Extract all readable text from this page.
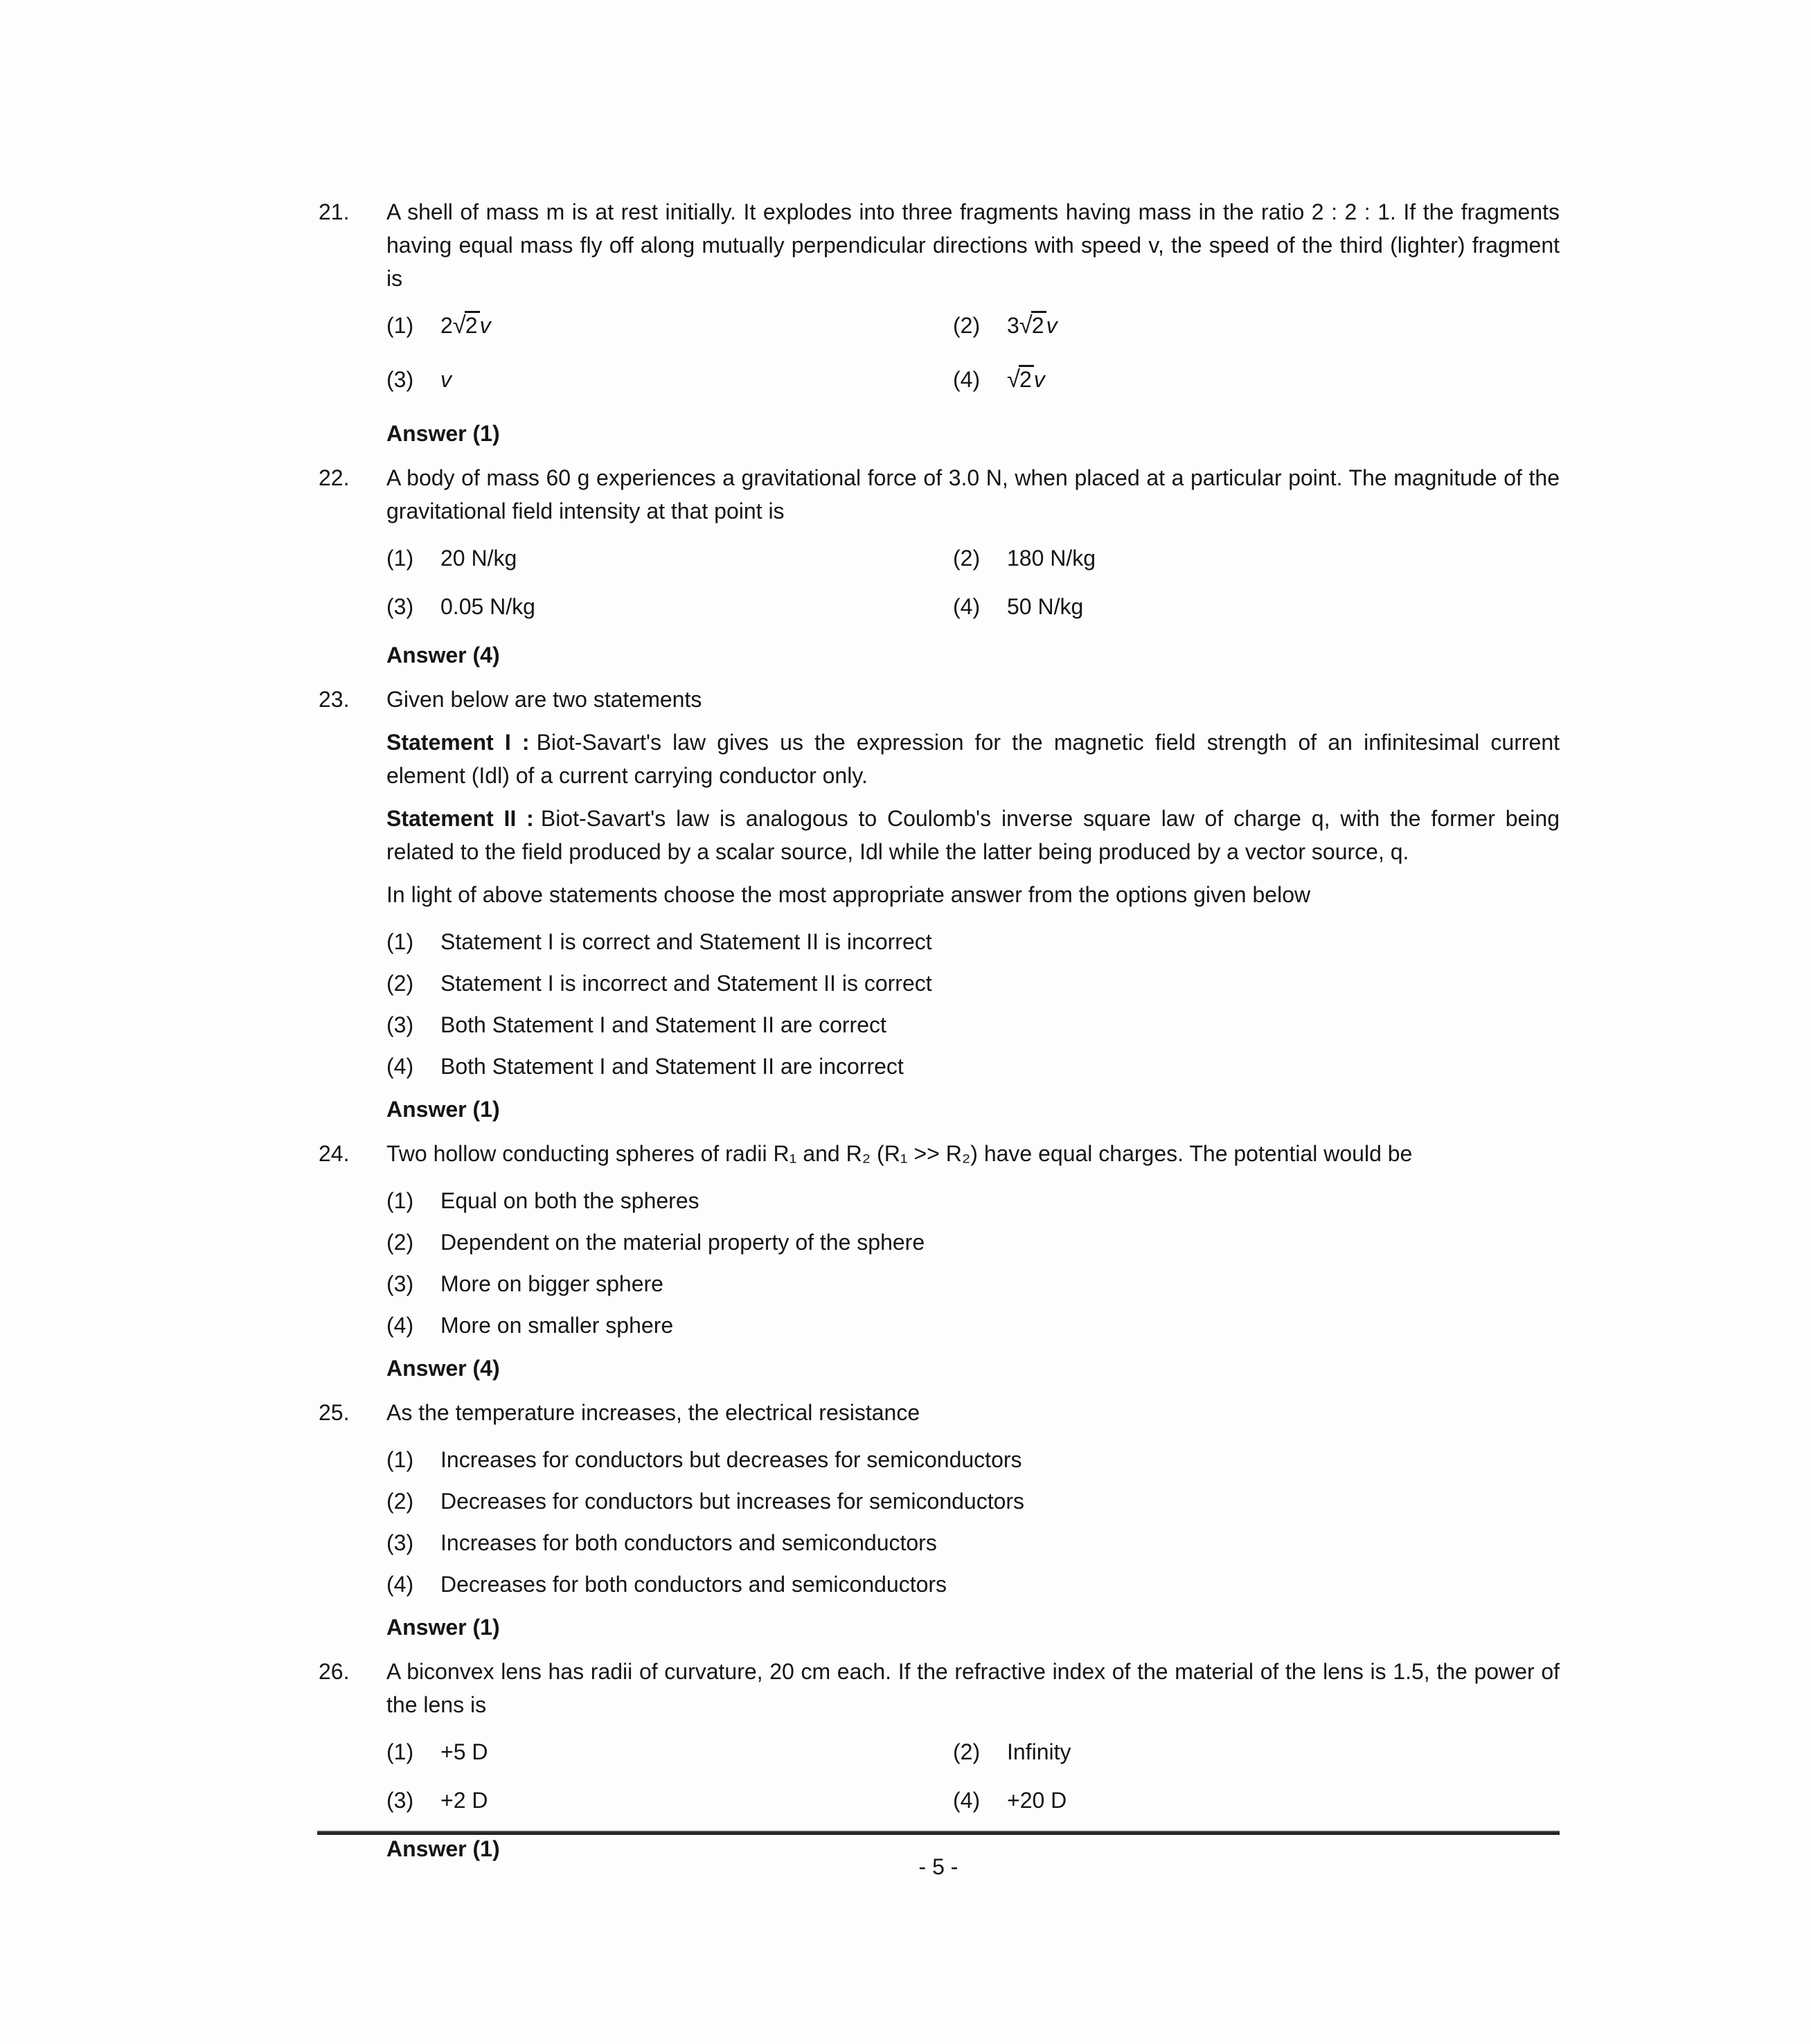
21.	A shell of mass m is at rest initially. It explodes into three fragments having mass in the ratio 2 : 2 : 1. If the fragments having equal mass fly off along mutually perpendicular directions with speed v, the speed of the third (lighter) fragment is

(1)	2√2v	(2)	3√2v
(3)	v	(4)	√2v

Answer (1)

22.	A body of mass 60 g experiences a gravitational force of 3.0 N, when placed at a particular point. The magnitude of the gravitational field intensity at that point is

(1)	20 N/kg	(2)	180 N/kg
(3)	0.05 N/kg	(4)	50 N/kg

Answer (4)

23.	Given below are two statements

Statement I : Biot-Savart's law gives us the expression for the magnetic field strength of an infinitesimal current element (Idl) of a current carrying conductor only.

Statement II : Biot-Savart's law is analogous to Coulomb's inverse square law of charge q, with the former being related to the field produced by a scalar source, Idl while the latter being produced by a vector source, q.

In light of above statements choose the most appropriate answer from the options given below

(1)	Statement I is correct and Statement II is incorrect
(2)	Statement I is incorrect and Statement II is correct
(3)	Both Statement I and Statement II are correct
(4)	Both Statement I and Statement II are incorrect

Answer (1)

24.	Two hollow conducting spheres of radii R₁ and R₂ (R₁ >> R₂) have equal charges. The potential would be

(1)	Equal on both the spheres
(2)	Dependent on the material property of the sphere
(3)	More on bigger sphere
(4)	More on smaller sphere

Answer (4)

25.	As the temperature increases, the electrical resistance

(1)	Increases for conductors but decreases for semiconductors
(2)	Decreases for conductors but increases for semiconductors
(3)	Increases for both conductors and semiconductors
(4)	Decreases for both conductors and semiconductors

Answer (1)

26.	A biconvex lens has radii of curvature, 20 cm each. If the refractive index of the material of the lens is 1.5, the power of the lens is

(1)	+5 D	(2)	Infinity
(3)	+2 D	(4)	+20 D

Answer (1)

- 5 -
